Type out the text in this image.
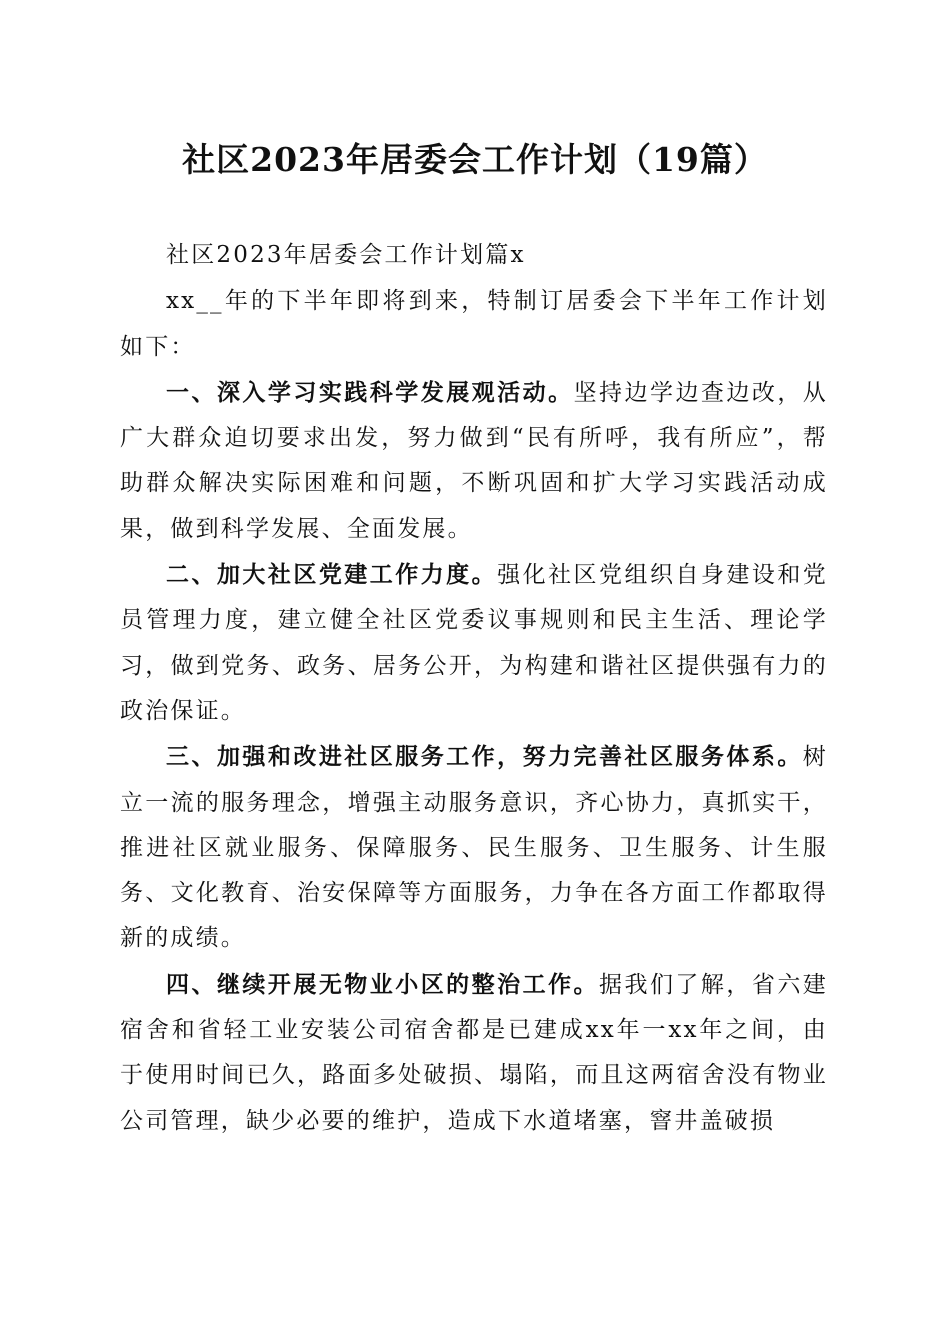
社区2023年居委会工作计划（19篇）

社区2023年居委会工作计划篇x

xx__年的下半年即将到来，特制订居委会下半年工作计划如下：

一、深入学习实践科学发展观活动。坚持边学边查边改，从广大群众迫切要求出发，努力做到“民有所呼，我有所应”，帮助群众解决实际困难和问题，不断巩固和扩大学习实践活动成果，做到科学发展、全面发展。

二、加大社区党建工作力度。强化社区党组织自身建设和党员管理力度，建立健全社区党委议事规则和民主生活、理论学习，做到党务、政务、居务公开，为构建和谐社区提供强有力的政治保证。

三、加强和改进社区服务工作，努力完善社区服务体系。树立一流的服务理念，增强主动服务意识，齐心协力，真抓实干，推进社区就业服务、保障服务、民生服务、卫生服务、计生服务、文化教育、治安保障等方面服务，力争在各方面工作都取得新的成绩。

四、继续开展无物业小区的整治工作。据我们了解，省六建宿舍和省轻工业安装公司宿舍都是已建成xx年一xx年之间，由于使用时间已久，路面多处破损、塌陷，而且这两宿舍没有物业公司管理，缺少必要的维护，造成下水道堵塞，窨井盖破损
